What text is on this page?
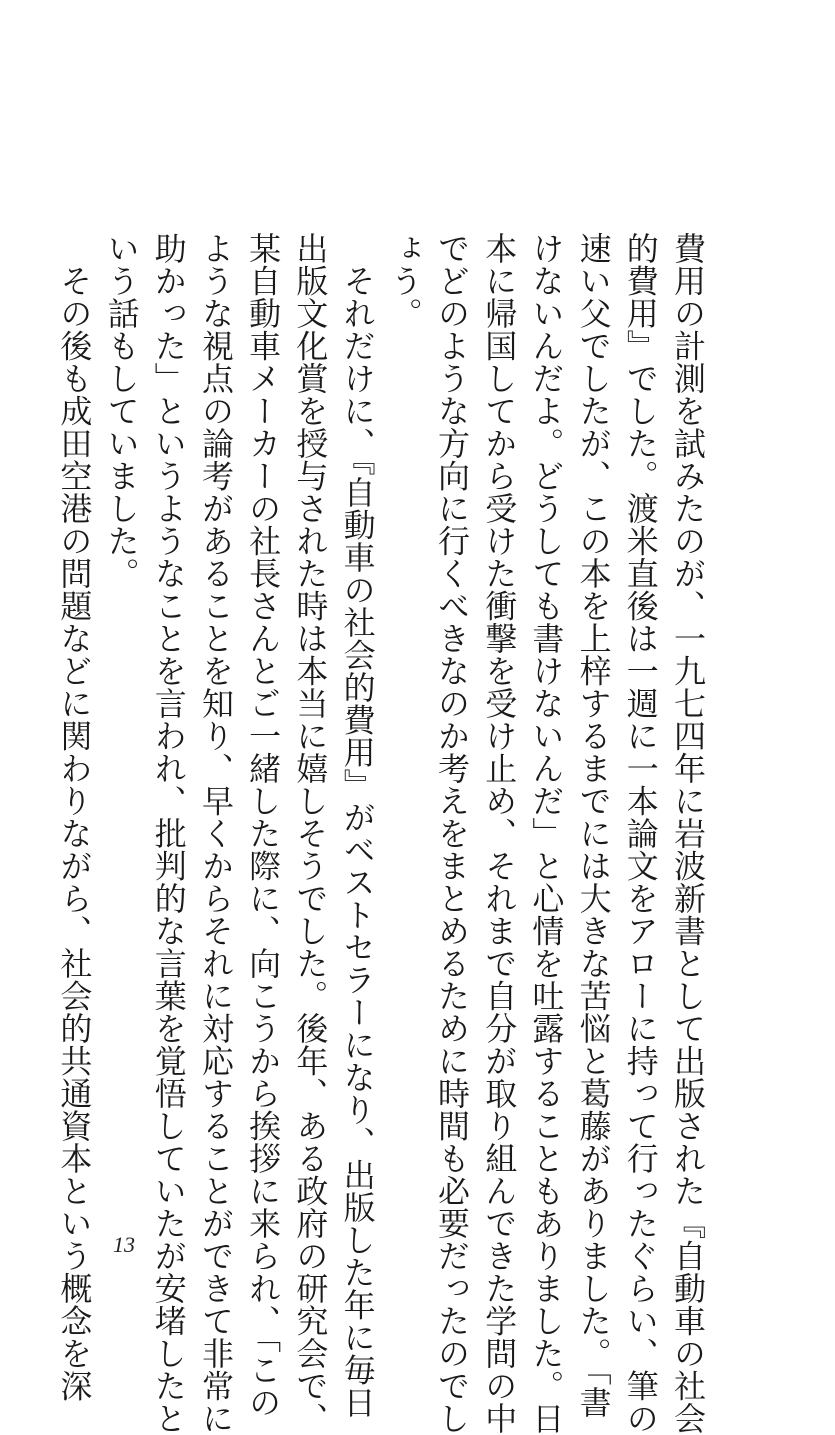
費用の計測を試みたのが、一九七四年に岩波新書として出版された『自動車の社会
的費用』でした。渡米直後は一週に一本論文をアローに持って行ったぐらい、筆の
速い父でしたが、この本を上梓するまでには大きな苦悩と葛藤がありました。「書
けないんだよ。どうしても書けないんだ」と心情を吐露することもありました。日
本に帰国してから受けた衝撃を受け止め、それまで自分が取り組んできた学問の中
でどのような方向に行くべきなのか考えをまとめるために時間も必要だったのでし
ょう。

　それだけに、『自動車の社会的費用』がベストセラーになり、出版した年に毎日
出版文化賞を授与された時は本当に嬉しそうでした。後年、ある政府の研究会で、
某自動車メーカーの社長さんとご一緒した際に、向こうから挨拶に来られ、「この
ような視点の論考があることを知り、早くからそれに対応することができて非常に
助かった」というようなことを言われ、批判的な言葉を覚悟していたが安堵したと
いう話もしていました。

　その後も成田空港の問題などに関わりながら、社会的共通資本という概念を深 13
